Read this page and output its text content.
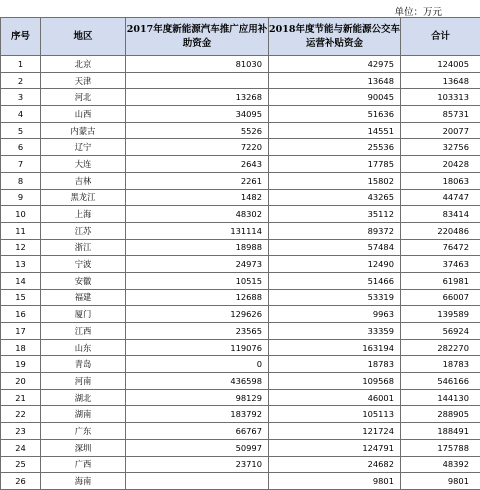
单位：万元
序号	地区	2017年度新能源汽车推广应用补助资金	2018年度节能与新能源公交车运营补贴资金	合计
1	北京	81030	42975	124005
2	天津		13648	13648
3	河北	13268	90045	103313
4	山西	34095	51636	85731
5	内蒙古	5526	14551	20077
6	辽宁	7220	25536	32756
7	大连	2643	17785	20428
8	吉林	2261	15802	18063
9	黑龙江	1482	43265	44747
10	上海	48302	35112	83414
11	江苏	131114	89372	220486
12	浙江	18988	57484	76472
13	宁波	24973	12490	37463
14	安徽	10515	51466	61981
15	福建	12688	53319	66007
16	厦门	129626	9963	139589
17	江西	23565	33359	56924
18	山东	119076	163194	282270
19	青岛	0	18783	18783
20	河南	436598	109568	546166
21	湖北	98129	46001	144130
22	湖南	183792	105113	288905
23	广东	66767	121724	188491
24	深圳	50997	124791	175788
25	广西	23710	24682	48392
26	海南		9801	9801
